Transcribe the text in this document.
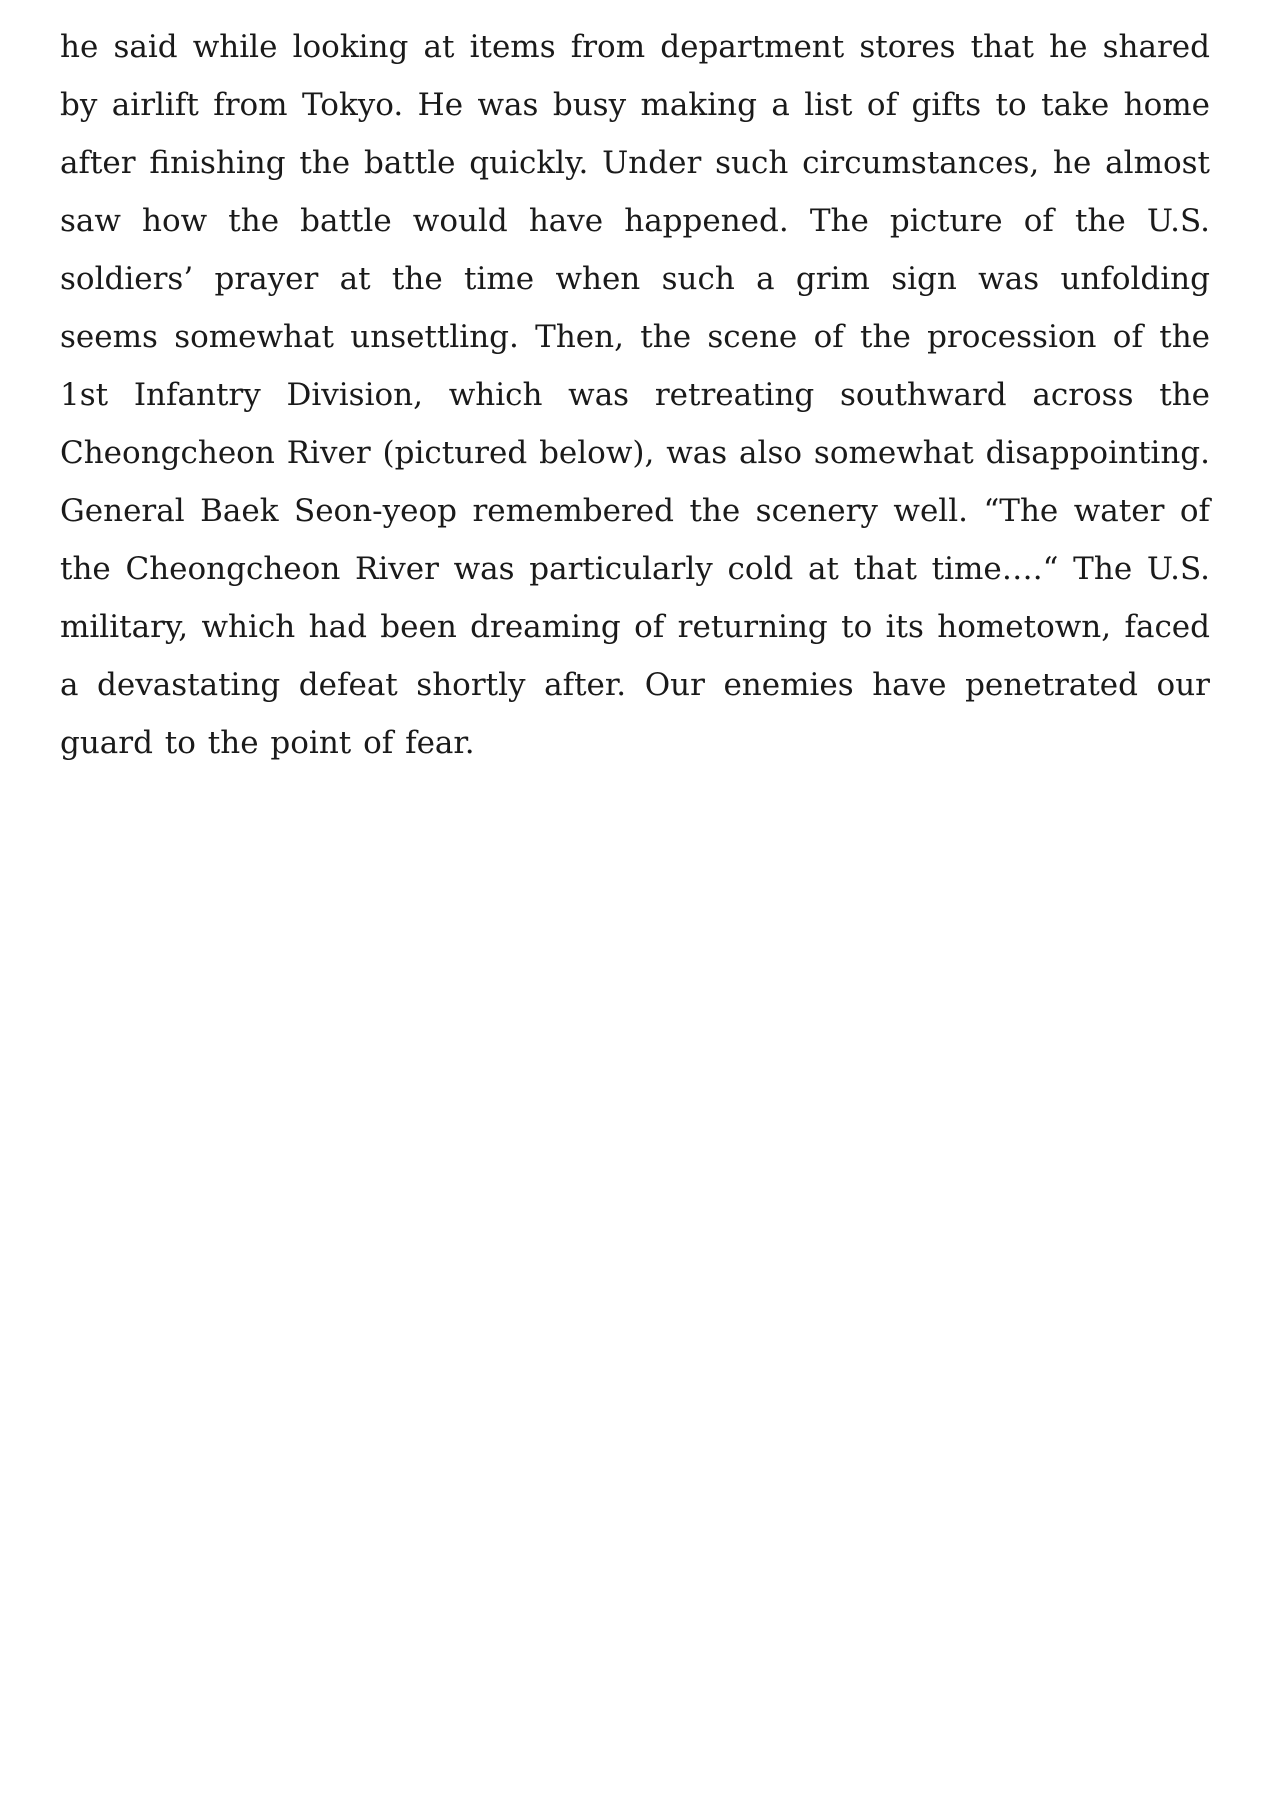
he said while looking at items from department stores that he shared by airlift from Tokyo. He was busy making a list of gifts to take home after finishing the battle quickly. Under such circumstances, he almost saw how the battle would have happened. The picture of the U.S. soldiers’ prayer at the time when such a grim sign was unfolding seems somewhat unsettling. Then, the scene of the procession of the 1st Infantry Division, which was retreating southward across the Cheongcheon River (pictured below), was also somewhat disappointing. General Baek Seon-yeop remembered the scenery well. “The water of the Cheongcheon River was particularly cold at that time….“ The U.S. military, which had been dreaming of returning to its hometown, faced a devastating defeat shortly after. Our enemies have penetrated our guard to the point of fear.
